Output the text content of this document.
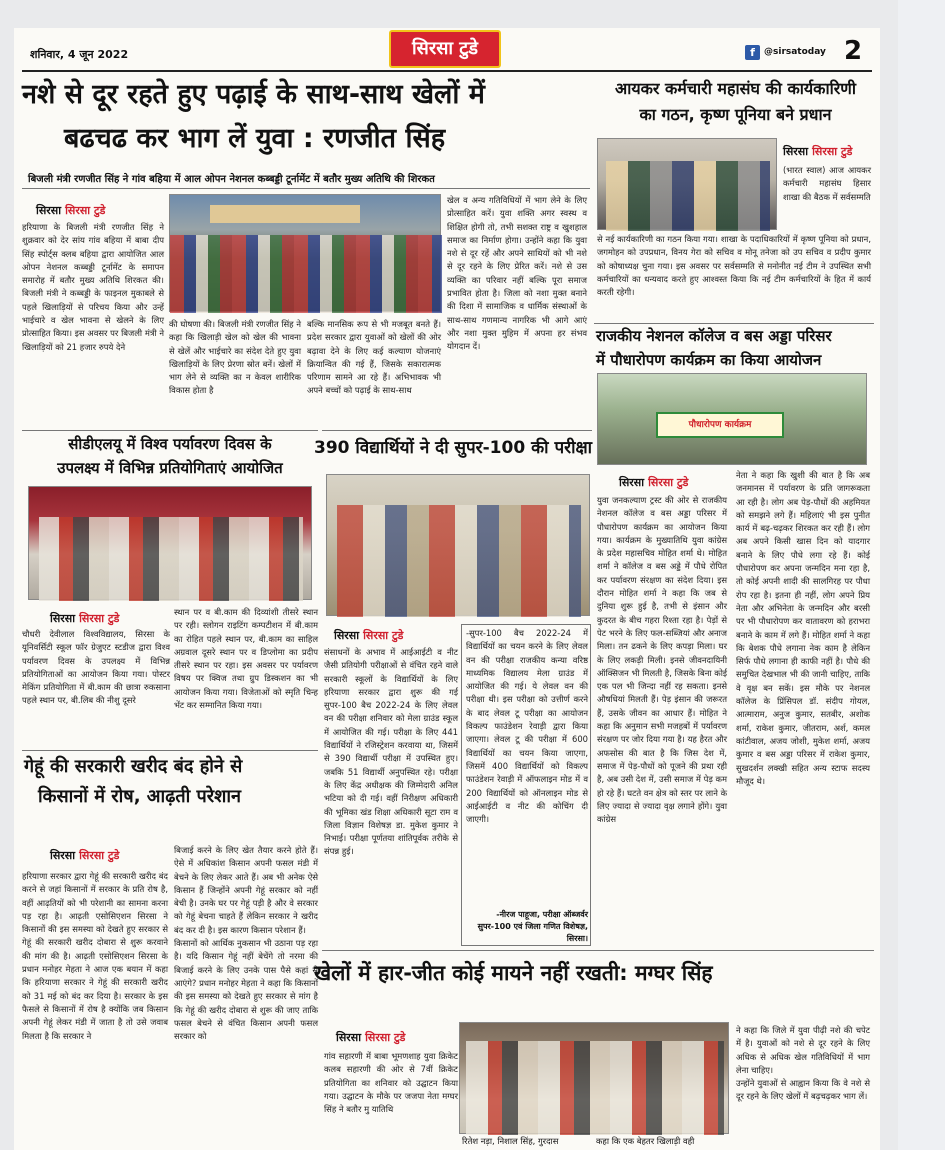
शनिवार, 4 जून 2022	सिरसा टुडे	f	@sirsatoday 2
नशे से दूर रहते हुए पढ़ाई के साथ-साथ खेलों में
बढचढ कर भाग लें युवा : रणजीत सिंह
बिजली मंत्री रणजीत सिंह ने गांव बहिया में आल ओपन नेशनल कब्बड्डी टूर्नामेंट में बतौर मुख्य अतिथि की शिरकत
सिरसा सिरसा टुडे
हरियाणा के बिजली मंत्री रणजीत सिंह ने शुक्रवार को देर सांय गांव बहिया में बाबा दीप सिंह स्पोर्ट्स क्लब बहिया द्वारा आयोजित आल ओपन नेशनल कब्बड्डी टूर्नामेंट के समापन समारोह में बतौर मुख्य अतिथि शिरकत की। बिजली मंत्री ने कब्बड्डी के फाइनल मुकाबले से पहले खिलाड़ियों से परिचय किया और उन्हें भाईचारे व खेल भावना से खेलने के लिए प्रोत्साहित किया। इस अवसर पर बिजली मंत्री ने खिलाड़ियों को 21 हजार रुपये देने
की घोषणा की। बिजली मंत्री रणजीत सिंह ने कहा कि खिलाड़ी खेल को खेल की भावना से खेलें और भाईचारे का संदेश देते हुए युवा खिलाड़ियों के लिए प्रेरणा स्रोत बनें। खेलों में भाग लेने से व्यक्ति का न केवल शारीरिक विकास होता है
बल्कि मानसिक रूप से भी मजबूत बनते हैं। प्रदेश सरकार द्वारा युवाओं को खेलों की ओर बढ़ावा देने के लिए कई कल्याण योजनाएं क्रियान्वित की गई हैं, जिसके सकारात्मक परिणाम सामने आ रहे हैं। अभिभावक भी अपने बच्चों को पढ़ाई के साथ-साथ
खेल व अन्य गतिविधियों में भाग लेने के लिए प्रोत्साहित करें। युवा शक्ति अगर स्वस्थ व शिक्षित होगी तो, तभी सशक्त राष्ट्र व खुशहाल समाज का निर्माण होगा। उन्होंने कहा कि युवा नशे से दूर रहें और अपने साथियों को भी नशे से दूर रहने के लिए प्रेरित करें। नशे से उस व्यक्ति का परिवार नहीं बल्कि पूरा समाज प्रभावित होता है। जिला को नशा मुक्त बनाने की दिशा में सामाजिक व धार्मिक संस्थाओं के साथ-साथ गणमान्य नागरिक भी आगे आएं और नशा मुक्त मुहिम में अपना हर संभव योगदान दें।
आयकर कर्मचारी महासंघ की कार्यकारिणी
का गठन, कृष्ण पूनिया बने प्रधान
सिरसा सिरसा टुडे
(भारत स्वाल) आज आयकर कर्मचारी महासंघ हिसार शाखा की बैठक में सर्वसम्मति
से नई कार्यकारिणी का गठन किया गया। शाखा के पदाधिकारियों में कृष्ण पूनिया को प्रधान, जगमोहन को उपप्रधान, विनय गेरा को सचिव व मोनू तनेजा को उप सचिव व प्रदीप कुमार को कोषाध्यक्ष चुना गया। इस अवसर पर सर्वसम्मति से मनोनीत नई टीम ने उपस्थित सभी कर्मचारियों का धन्यवाद करते हुए आश्वस्त किया कि नई टीम कर्मचारियों के हित में कार्य करती रहेगी।
राजकीय नेशनल कॉलेज व बस अड्डा परिसर
में पौधारोपण कार्यक्रम का किया आयोजन
पौधारोपण कार्यक्रम
सिरसा सिरसा टुडे
युवा जनकल्याण ट्रस्ट की ओर से राजकीय नेशनल कॉलेज व बस अड्डा परिसर में पौधारोपण कार्यक्रम का आयोजन किया गया। कार्यक्रम के मुख्यातिथि युवा कांग्रेस के प्रदेश महासचिव मोहित शर्मा थे। मोहित शर्मा ने कॉलेज व बस अड्डे में पौधे रोपित कर पर्यावरण संरक्षण का संदेश दिया। इस दौरान मोहित शर्मा ने कहा कि जब से दुनिया शुरू हुई है, तभी से इंसान और कुदरत के बीच गहरा रिश्ता रहा है। पेड़ों से पेट भरने के लिए फल-सब्जियां और अनाज मिला। तन ढकने के लिए कपड़ा मिला। घर के लिए लकड़ी मिली। इनसे जीवनदायिनी ऑक्सिजन भी मिलती है, जिसके बिना कोई एक पल भी जिन्दा नहीं रह सकता। इनसे औषधियां मिलती हैं। पेड़ इंसान की जरूरत हैं, उसके जीवन का आधार हैं। मोहित ने कहा कि अनुमान सभी मजहबों में पर्यावरण संरक्षण पर जोर दिया गया है। यह हैरत और अफसोस की बात है कि जिस देश में, समाज में पेड़-पौधों को पूजने की प्रथा रही है, अब उसी देश में, उसी समाज में पेड़ कम हो रहे हैं। घटते वन क्षेत्र को स्तर पर लाने के लिए ज्यादा से ज्यादा वृक्ष लगाने होंगे। युवा कांग्रेस
नेता ने कहा कि खुशी की बात है कि अब जनमानस में पर्यावरण के प्रति जागरूकता आ रही है। लोग अब पेड़-पौधों की अहमियत को समझने लगे हैं। महिलाएं भी इस पुनीत कार्य में बढ़-चढ़कर शिरकत कर रही हैं। लोग अब अपने किसी खास दिन को यादगार बनाने के लिए पौधे लगा रहे हैं। कोई पौधारोपण कर अपना जन्मदिन मना रहा है, तो कोई अपनी शादी की सालगिरह पर पौधा रोप रहा है। इतना ही नहीं, लोग अपने प्रिय नेता और अभिनेता के जन्मदिन और बरसी पर भी पौधारोपण कर वातावरण को हराभरा बनाने के काम में लगे हैं। मोहित शर्मा ने कहा कि बेशक पौधे लगाना नेक काम है लेकिन सिर्फ पौधे लगाना ही काफी नहीं है। पौधे की समुचित देखभाल भी की जानी चाहिए, ताकि वे वृक्ष बन सकें। इस मौके पर नेशनल कॉलेज के प्रिंसिपल डॉ. संदीप गोयल, आत्माराम, अनुज कुमार, सतबीर, अशोक शर्मा, राकेश कुमार, जीतराम, अर्श, कमल कांटीवाल, अजय जोशी, मुकेश शर्मा, अजय कुमार व बस अड्डा परिसर में राकेश कुमार, सुखदर्शन लक्खी सहित अन्य स्टाफ सदस्य मौजूद थे।
सीडीएलयू में विश्व पर्यावरण दिवस के
उपलक्ष्य में विभिन्न प्रतियोगिताएं आयोजित
सिरसा सिरसा टुडे
चौधरी देवीलाल विश्वविद्यालय, सिरसा के यूनिवर्सिटी स्कूल फॉर ग्रेजुएट स्टडीज द्वारा विश्व पर्यावरण दिवस के उपलक्ष्य में विभिन्न प्रतियोगिताओं का आयोजन किया गया। पोस्टर मेकिंग प्रतियोगिता में बी.काम की छात्रा रुकसाना पहले स्थान पर, बी.लिब की नीशु दूसरे
स्थान पर व बी.काम की दिव्यांशी तीसरे स्थान पर रही। स्लोगन राइटिंग कम्पटीशन में बी.काम का रोहित पहले स्थान पर, बी.काम का साहिल अग्रवाल दूसरे स्थान पर व डिप्लोमा का प्रदीप तीसरे स्थान पर रहा। इस अवसर पर पर्यावरण विषय पर क्विज तथा ग्रुप डिस्कशन का भी आयोजन किया गया। विजेताओं को स्मृति चिन्ह भेंट कर सम्मानित किया गया।
390 विद्यार्थियों ने दी सुपर-100 की परीक्षा
सिरसा सिरसा टुडे
संसाधनों के अभाव में आईआईटी व नीट जैसी प्रतियोगी परीक्षाओं से वंचित रहने वाले सरकारी स्कूलों के विद्यार्थियों के लिए हरियाणा सरकार द्वारा शुरू की गई सुपर-100 बैच 2022-24 के लिए लेवल वन की परीक्षा शनिवार को मेला ग्राउंड स्कूल में आयोजित की गई। परीक्षा के लिए 441 विद्यार्थियों ने रजिस्ट्रेशन करवाया था, जिसमें से 390 विद्यार्थी परीक्षा में उपस्थित हुए। जबकि 51 विद्यार्थी अनुपस्थित रहे। परीक्षा के लिए केंद्र अधीक्षक की जिम्मेदारी अनिल भटिया को दी गई। वहीं निरीक्षण अधिकारी की भूमिका खंड शिक्षा अधिकारी सूटा राम व जिला विज्ञान विशेषज्ञ डा. मुकेश कुमार ने निभाई। परीक्षा पूर्णतया शांतिपूर्वक तरीके से संपन्न हुई।
-सुपर-100 बैच 2022-24 में विद्यार्थियों का चयन करने के लिए लेवल वन की परीक्षा राजकीय कन्या वरिष्ठ माध्यमिक विद्यालय मेला ग्राउंड में आयोजित की गई। ये लेवल वन की परीक्षा थी। इस परीक्षा को उत्तीर्ण करने के बाद लेवल टू परीक्षा का आयोजन विकल्प फाउंडेशन रेवाड़ी द्वारा किया जाएगा। लेवल टू की परीक्षा में 600 विद्यार्थियों का चयन किया जाएगा, जिसमें 400 विद्यार्थियों को विकल्प फाउंडेशन रेवाड़ी में ऑफलाइन मोड में व 200 विद्यार्थियों को ऑनलाइन मोड से आईआईटी व नीट की कोचिंग दी जाएगी।
-नीरज पाहूजा, परीक्षा ऑब्जर्वर सुपर-100 एवं जिला गणित विशेषज्ञ, सिरसा।
गेहूं की सरकारी खरीद बंद होने से
किसानों में रोष, आढ़ती परेशान
सिरसा सिरसा टुडे
हरियाणा सरकार द्वारा गेहूं की सरकारी खरीद बंद करने से जहां किसानों में सरकार के प्रति रोष है, वहीं आढ़तियों को भी परेशानी का सामना करना पड़ रहा है। आढ़ती एसोसिएशन सिरसा ने किसानों की इस समस्या को देखते हुए सरकार से गेहूं की सरकारी खरीद दोबारा से शुरू करवाने की मांग की है। आढ़ती एसोसिएशन सिरसा के प्रधान मनोहर मेहता ने आज एक बयान में कहा कि हरियाणा सरकार ने गेहूं की सरकारी खरीद को 31 मई को बंद कर दिया है। सरकार के इस फैसले से किसानों में रोष है क्योंकि जब किसान अपनी गेहूं लेकर मंडी में जाता है तो उसे जवाब मिलता है कि सरकार ने
बिजाई करने के लिए खेत तैयार करने होते हैं। ऐसे में अधिकांश किसान अपनी फसल मंडी में बेचने के लिए लेकर आते हैं। अब भी अनेक ऐसे किसान हैं जिन्होंने अपनी गेहूं सरकार को नहीं बेची है। उनके घर पर गेहूं पड़ी है और वे सरकार को गेहूं बेचना चाहते हैं लेकिन सरकार ने खरीद बंद कर दी है। इस कारण किसान परेशान हैं।
किसानों को आर्थिक नुकसान भी उठाना पड़ रहा है। यदि किसान गेहूं नहीं बेचेंगे तो नरमा की बिजाई करने के लिए उनके पास पैसे कहां से आएंगे? प्रधान मनोहर मेहता ने कहा कि किसानों की इस समस्या को देखते हुए सरकार से मांग है कि गेहूं की खरीद दोबारा से शुरू की जाए ताकि फसल बेचने से वंचित किसान अपनी फसल सरकार को
खेलों में हार-जीत कोई मायने नहीं रखती: मग्घर सिंह
सिरसा सिरसा टुडे
गांव सहारणी में बाबा भूमणशाह युवा क्रिकेट कलब सहारणी की ओर से 7वीं क्रिकेट प्रतियोगिता का शनिवार को उद्घाटन किया गया। उद्घाटन के मौके पर जजपा नेता मग्घर सिंह ने बतौर मु यातिथि
रितेश नड़ा, निशाल सिंह, गुरदास	कहा कि एक बेहतर खिलाड़ी वही
ने कहा कि जिले में युवा पीढ़ी नशे की चपेट में है। युवाओं को नशे से दूर रहने के लिए अधिक से अधिक खेल गतिविधियों में भाग लेना चाहिए।
उन्होंने युवाओं से आह्वान किया कि वे नशे से दूर रहने के लिए खेलों में बढ़चढ़कर भाग लें।
